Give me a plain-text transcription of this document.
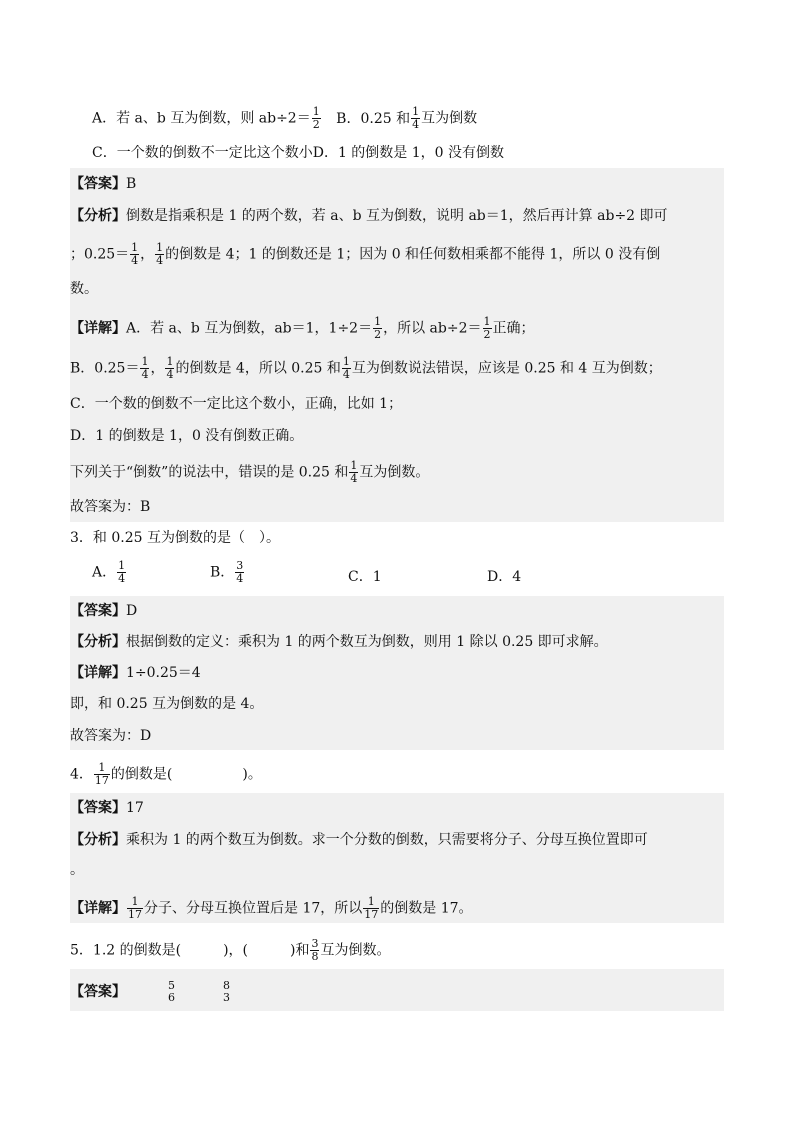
A．若 a、b 互为倒数，则 $ab\div 2= \frac{1}{2}$ B．0.25 和 $\frac{1}{4}$ 互为倒数
C．一个数的倒数不一定比这个数小D．1 的倒数是 1，0 没有倒数
【答案】B
【分析】倒数是指乘积是 1 的两个数，若 a、b 互为倒数，说明 ab＝1，然后再计算 ab÷2 即可
；$0.25= \frac{1}{4}$ ， $\frac{1}{4}$ 的倒数是 4；1 的倒数还是 1；因为 0 和任何数相乘都不能得 1，所以 0 没有倒
数。
【详解】A．若 a、b 互为倒数，ab＝1，$1\div 2= \frac{1}{2}$ ，所以 $ab\div 2= \frac{1}{2}$ 正确；
B．$0.25= \frac{1}{4}$ ， $\frac{1}{4}$ 的倒数是 4，所以 0.25 和 $\frac{1}{4}$ 互为倒数说法错误，应该是 0.25 和 4 互为倒数；
C．一个数的倒数不一定比这个数小，正确，比如 1；
D．1 的倒数是 1，0 没有倒数正确。
下列关于“倒数”的说法中，错误的是 0.25 和 $\frac{1}{4}$ 互为倒数。
故答案为：B
3．和 0.25 互为倒数的是（　）。
A． $\frac{1}{4}$	B． $\frac{3}{4}$	C．1	D．4
【答案】D
【分析】根据倒数的定义：乘积为 1 的两个数互为倒数，则用 1 除以 0.25 即可求解。
【详解】1÷0.25＝4
即，和 0.25 互为倒数的是 4。
故答案为：D
4． $\frac{1}{17}$ 的倒数是(　　　　　)。
【答案】17
【分析】乘积为 1 的两个数互为倒数。求一个分数的倒数，只需要将分子、分母互换位置即可
。
【详解】 $\frac{1}{17}$ 分子、分母互换位置后是 17，所以 $\frac{1}{17}$ 的倒数是 17。
5．1.2 的倒数是(　　　)，(　　　)和 $\frac{3}{8}$ 互为倒数。
【答案】	5
6
8
3
